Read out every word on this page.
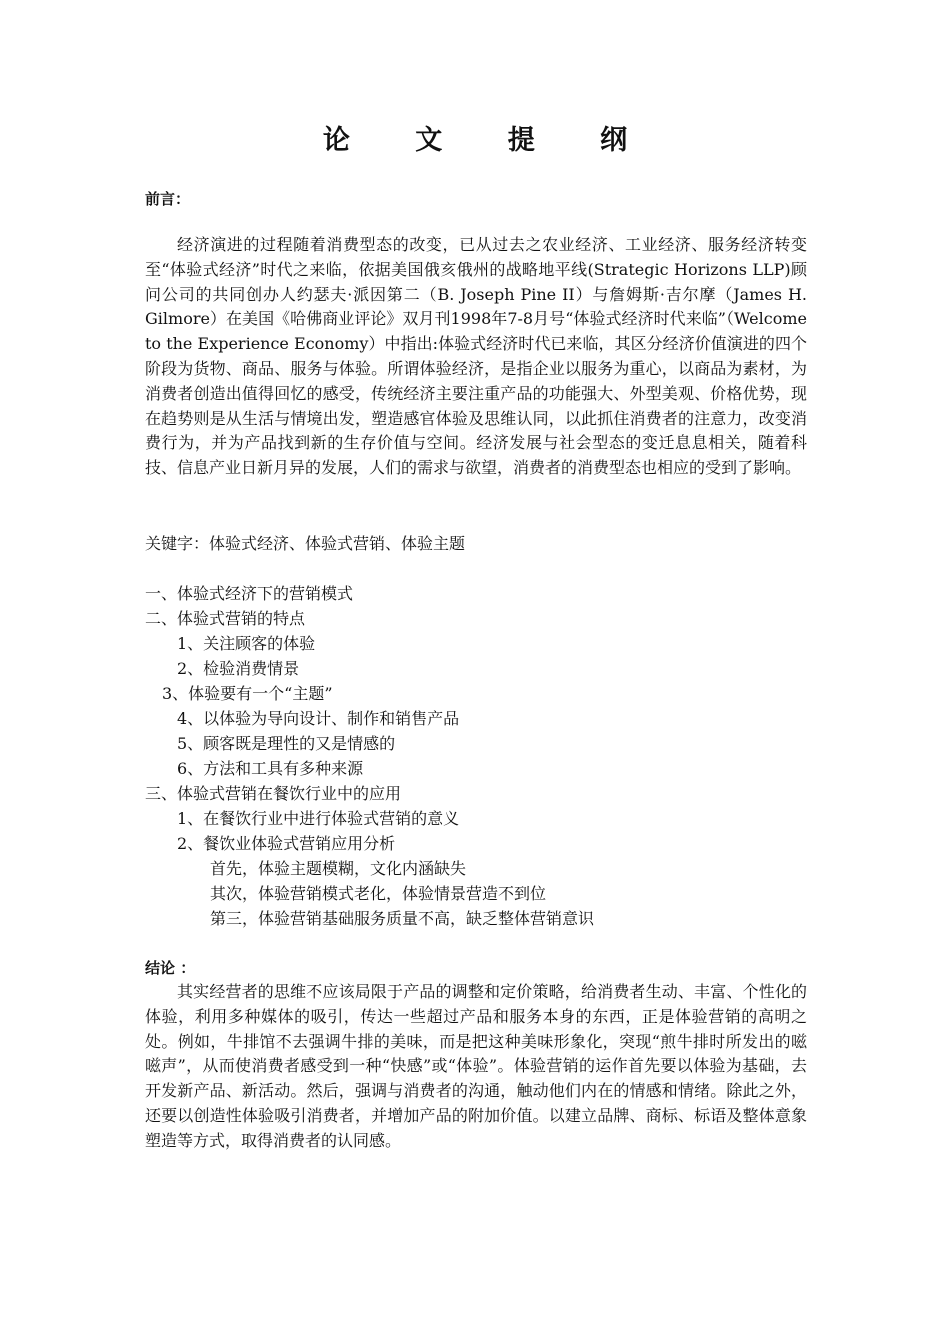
论 文 提 纲
前言：
经济演进的过程随着消费型态的改变，已从过去之农业经济、工业经济、服务经济转变至“体验式经济”时代之来临，依据美国俄亥俄州的战略地平线(Strategic Horizons LLP)顾问公司的共同创办人约瑟夫·派因第二（B. Joseph Pine II）与詹姆斯·吉尔摩（James H. Gilmore）在美国《哈佛商业评论》双月刊1998年7-8月号“体验式经济时代来临”（Welcome to the Experience Economy）中指出:体验式经济时代已来临，其区分经济价值演进的四个阶段为货物、商品、服务与体验。所谓体验经济，是指企业以服务为重心，以商品为素材，为消费者创造出值得回忆的感受，传统经济主要注重产品的功能强大、外型美观、价格优势，现在趋势则是从生活与情境出发，塑造感官体验及思维认同，以此抓住消费者的注意力，改变消费行为，并为产品找到新的生存价值与空间。经济发展与社会型态的变迁息息相关，随着科技、信息产业日新月异的发展，人们的需求与欲望，消费者的消费型态也相应的受到了影响。
关键字：体验式经济、体验式营销、体验主题
一、体验式经济下的营销模式
二、体验式营销的特点
1、关注顾客的体验
2、检验消费情景
3、体验要有一个“主题”
4、以体验为导向设计、制作和销售产品
5、顾客既是理性的又是情感的
6、方法和工具有多种来源
三、体验式营销在餐饮行业中的应用
1、在餐饮行业中进行体验式营销的意义
2、餐饮业体验式营销应用分析
首先，体验主题模糊，文化内涵缺失
其次，体验营销模式老化，体验情景营造不到位
第三，体验营销基础服务质量不高，缺乏整体营销意识
结论 ：
其实经营者的思维不应该局限于产品的调整和定价策略，给消费者生动、丰富、个性化的体验，利用多种媒体的吸引，传达一些超过产品和服务本身的东西，正是体验营销的高明之处。例如，牛排馆不去强调牛排的美味，而是把这种美味形象化，突现“煎牛排时所发出的嗞嗞声”，从而使消费者感受到一种“快感”或“体验”。体验营销的运作首先要以体验为基础，去开发新产品、新活动。然后，强调与消费者的沟通，触动他们内在的情感和情绪。除此之外，还要以创造性体验吸引消费者，并增加产品的附加价值。以建立品牌、商标、标语及整体意象塑造等方式，取得消费者的认同感。
